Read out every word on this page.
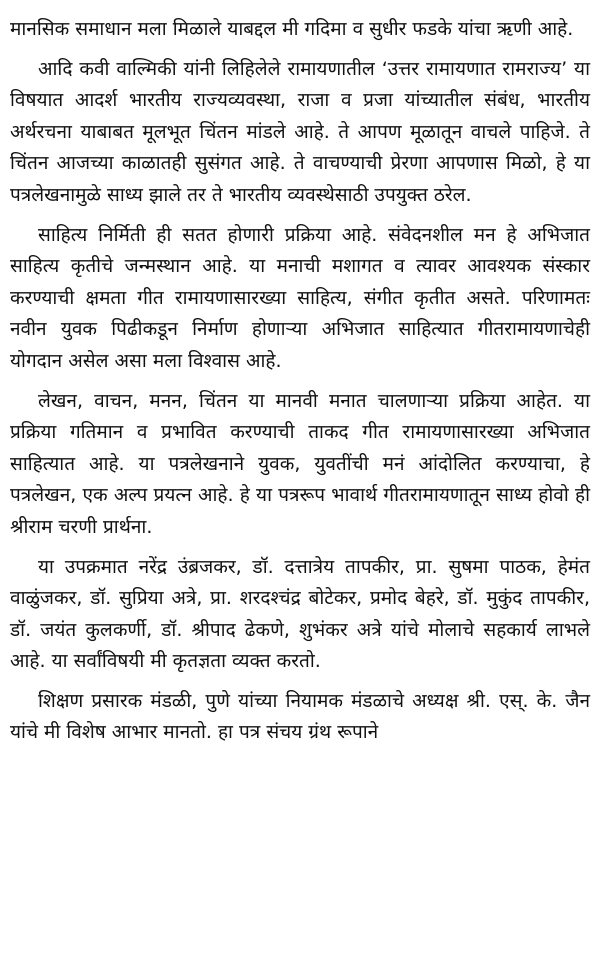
मानसिक समाधान मला मिळाले याबद्दल मी गदिमा व सुधीर फडके यांचा ऋणी आहे.

आदि कवी वाल्मिकी यांनी लिहिलेले रामायणातील ‘उत्तर रामायणात रामराज्य’ या विषयात आदर्श भारतीय राज्यव्यवस्था, राजा व प्रजा यांच्यातील संबंध, भारतीय अर्थरचना याबाबत मूलभूत चिंतन मांडले आहे. ते आपण मूळातून वाचले पाहिजे. ते चिंतन आजच्या काळातही सुसंगत आहे. ते वाचण्याची प्रेरणा आपणास मिळो, हे या पत्रलेखनामुळे साध्य झाले तर ते भारतीय व्यवस्थेसाठी उपयुक्त ठरेल.

साहित्य निर्मिती ही सतत होणारी प्रक्रिया आहे. संवेदनशील मन हे अभिजात साहित्य कृतीचे जन्मस्थान आहे. या मनाची मशागत व त्यावर आवश्यक संस्कार करण्याची क्षमता गीत रामायणासारख्या साहित्य, संगीत कृतीत असते. परिणामतः नवीन युवक पिढीकडून निर्माण होणाऱ्या अभिजात साहित्यात गीतरामायणाचेही योगदान असेल असा मला विश्वास आहे.

लेखन, वाचन, मनन, चिंतन या मानवी मनात चालणाऱ्या प्रक्रिया आहेत. या प्रक्रिया गतिमान व प्रभावित करण्याची ताकद गीत रामायणासारख्या अभिजात साहित्यात आहे. या पत्रलेखनाने युवक, युवतींची मनं आंदोलित करण्याचा, हे पत्रलेखन, एक अल्प प्रयत्न आहे. हे या पत्ररूप भावार्थ गीतरामायणातून साध्य होवो ही श्रीराम चरणी प्रार्थना.

या उपक्रमात नरेंद्र उंब्रजकर, डॉ. दत्तात्रेय तापकीर, प्रा. सुषमा पाठक, हेमंत वाळुंजकर, डॉ. सुप्रिया अत्रे, प्रा. शरदश्चंद्र बोटेकर, प्रमोद बेहरे, डॉ. मुकुंद तापकीर, डॉ. जयंत कुलकर्णी, डॉ. श्रीपाद ढेकणे, शुभंकर अत्रे यांचे मोलाचे सहकार्य लाभले आहे. या सर्वांविषयी मी कृतज्ञता व्यक्त करतो.

शिक्षण प्रसारक मंडळी, पुणे यांच्या नियामक मंडळाचे अध्यक्ष श्री. एस्. के. जैन यांचे मी विशेष आभार मानतो. हा पत्र संचय ग्रंथ रूपाने
